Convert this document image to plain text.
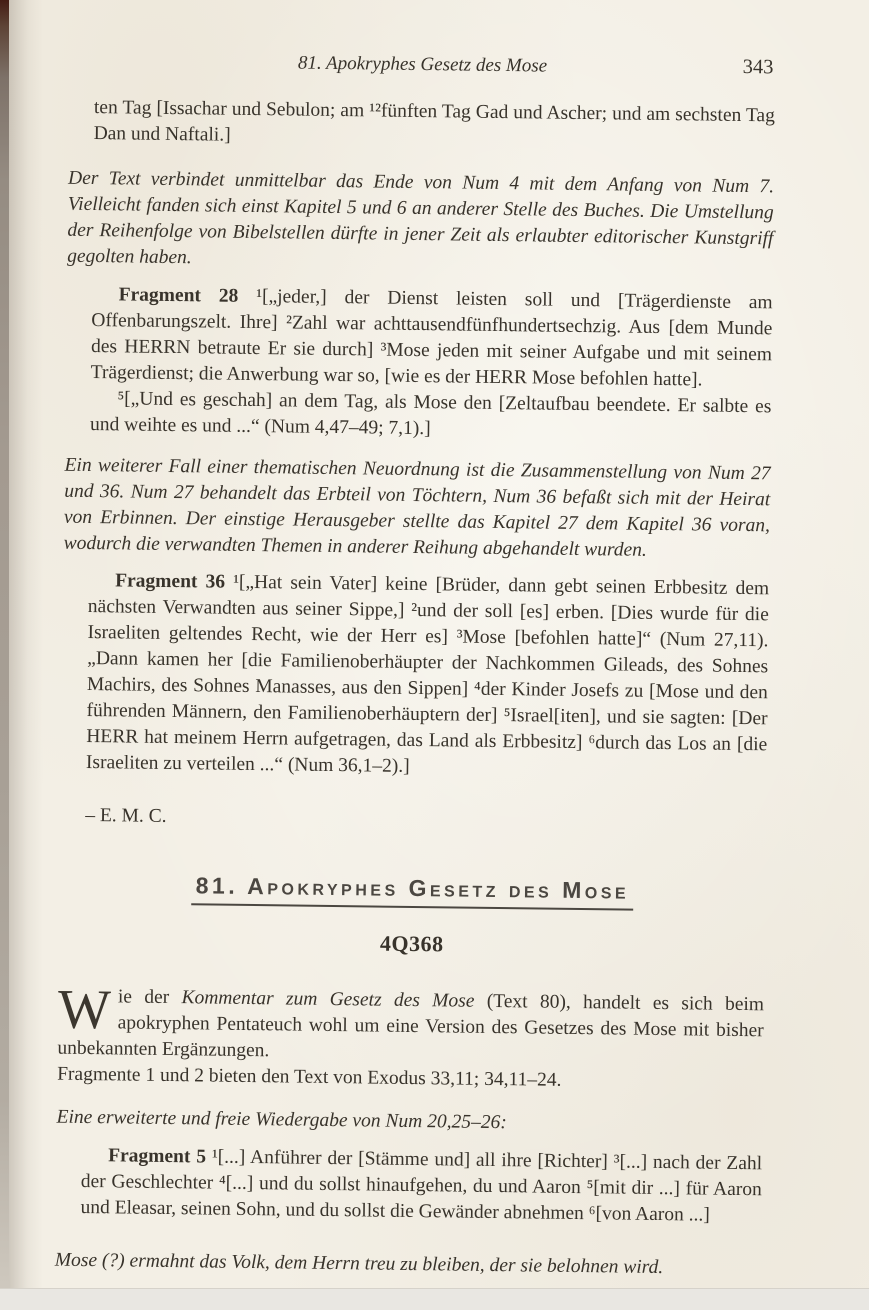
81. Apokryphes Gesetz des Mose	343

ten Tag [Issachar und Sebulon; am ¹²fünften Tag Gad und Ascher; und am sechsten Tag Dan und Naftali.]

Der Text verbindet unmittelbar das Ende von Num 4 mit dem Anfang von Num 7. Vielleicht fanden sich einst Kapitel 5 und 6 an anderer Stelle des Buches. Die Umstellung der Reihenfolge von Bibelstellen dürfte in jener Zeit als erlaubter editorischer Kunstgriff gegolten haben.

Fragment 28 ¹[„jeder,] der Dienst leisten soll und [Trägerdienste am Offenbarungszelt. Ihre] ²Zahl war achttausendfünfhundertsechzig. Aus [dem Munde des HERRN betraute Er sie durch] ³Mose jeden mit seiner Aufgabe und mit seinem Trägerdienst; die Anwerbung war so, [wie es der HERR Mose befohlen hatte].

⁵[„Und es geschah] an dem Tag, als Mose den [Zeltaufbau beendete. Er salbte es und weihte es und ...“ (Num 4,47–49; 7,1).]

Ein weiterer Fall einer thematischen Neuordnung ist die Zusammenstellung von Num 27 und 36. Num 27 behandelt das Erbteil von Töchtern, Num 36 befaßt sich mit der Heirat von Erbinnen. Der einstige Herausgeber stellte das Kapitel 27 dem Kapitel 36 voran, wodurch die verwandten Themen in anderer Reihung abgehandelt wurden.

Fragment 36 ¹[„Hat sein Vater] keine [Brüder, dann gebt seinen Erbbesitz dem nächsten Verwandten aus seiner Sippe,] ²und der soll [es] erben. [Dies wurde für die Israeliten geltendes Recht, wie der Herr es] ³Mose [befohlen hatte]“ (Num 27,11). „Dann kamen her [die Familienoberhäupter der Nachkommen Gileads, des Sohnes Machirs, des Sohnes Manasses, aus den Sippen] ⁴der Kinder Josefs zu [Mose und den führenden Männern, den Familienoberhäuptern der] ⁵Israel[iten], und sie sagten: [Der HERR hat meinem Herrn aufgetragen, das Land als Erbbesitz] ⁶durch das Los an [die Israeliten zu verteilen ...“ (Num 36,1–2).]

– E. M. C.

81. Apokryphes Gesetz des Mose
4Q368

Wie der Kommentar zum Gesetz des Mose (Text 80), handelt es sich beim apokryphen Pentateuch wohl um eine Version des Gesetzes des Mose mit bisher unbekannten Ergänzungen.

Fragmente 1 und 2 bieten den Text von Exodus 33,11; 34,11–24.

Eine erweiterte und freie Wiedergabe von Num 20,25–26:

Fragment 5 ¹[...] Anführer der [Stämme und] all ihre [Richter] ³[...] nach der Zahl der Geschlechter ⁴[...] und du sollst hinaufgehen, du und Aaron ⁵[mit dir ...] für Aaron und Eleasar, seinen Sohn, und du sollst die Gewänder abnehmen ⁶[von Aaron ...]

Mose (?) ermahnt das Volk, dem Herrn treu zu bleiben, der sie belohnen wird.
